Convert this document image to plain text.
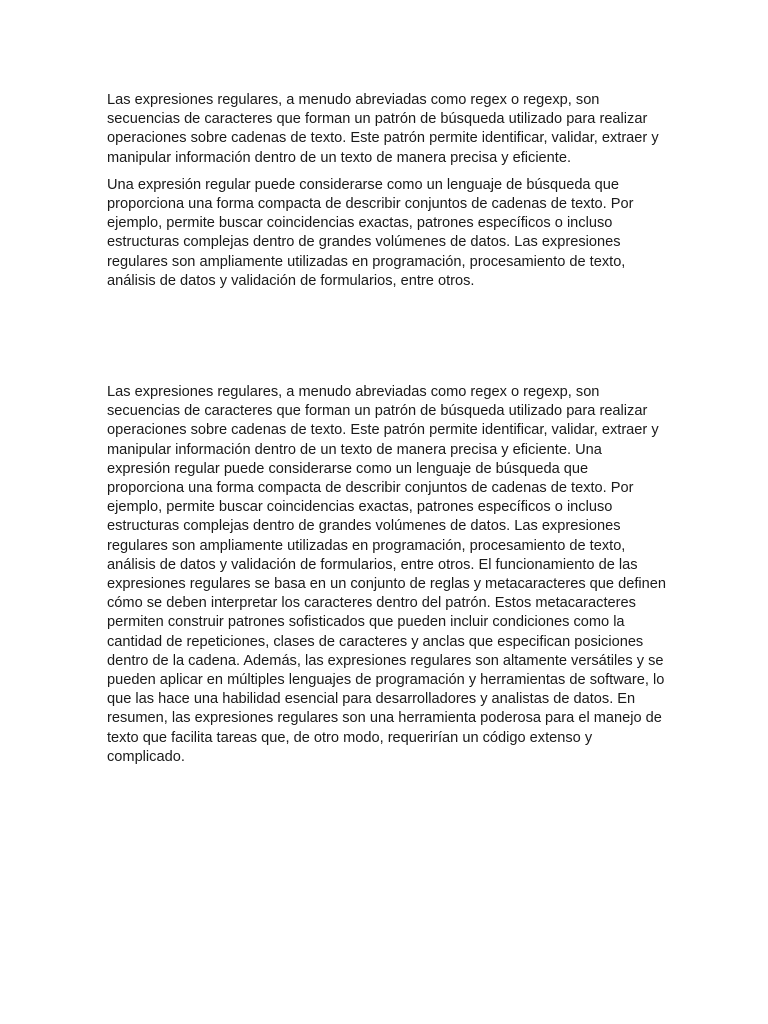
Las expresiones regulares, a menudo abreviadas como regex o regexp, son secuencias de caracteres que forman un patrón de búsqueda utilizado para realizar operaciones sobre cadenas de texto. Este patrón permite identificar, validar, extraer y manipular información dentro de un texto de manera precisa y eficiente.

Una expresión regular puede considerarse como un lenguaje de búsqueda que proporciona una forma compacta de describir conjuntos de cadenas de texto. Por ejemplo, permite buscar coincidencias exactas, patrones específicos o incluso estructuras complejas dentro de grandes volúmenes de datos. Las expresiones regulares son ampliamente utilizadas en programación, procesamiento de texto, análisis de datos y validación de formularios, entre otros.

Las expresiones regulares, a menudo abreviadas como regex o regexp, son secuencias de caracteres que forman un patrón de búsqueda utilizado para realizar operaciones sobre cadenas de texto. Este patrón permite identificar, validar, extraer y manipular información dentro de un texto de manera precisa y eficiente. Una expresión regular puede considerarse como un lenguaje de búsqueda que proporciona una forma compacta de describir conjuntos de cadenas de texto. Por ejemplo, permite buscar coincidencias exactas, patrones específicos o incluso estructuras complejas dentro de grandes volúmenes de datos. Las expresiones regulares son ampliamente utilizadas en programación, procesamiento de texto, análisis de datos y validación de formularios, entre otros. El funcionamiento de las expresiones regulares se basa en un conjunto de reglas y metacaracteres que definen cómo se deben interpretar los caracteres dentro del patrón. Estos metacaracteres permiten construir patrones sofisticados que pueden incluir condiciones como la cantidad de repeticiones, clases de caracteres y anclas que especifican posiciones dentro de la cadena. Además, las expresiones regulares son altamente versátiles y se pueden aplicar en múltiples lenguajes de programación y herramientas de software, lo que las hace una habilidad esencial para desarrolladores y analistas de datos. En resumen, las expresiones regulares son una herramienta poderosa para el manejo de texto que facilita tareas que, de otro modo, requerirían un código extenso y complicado.
